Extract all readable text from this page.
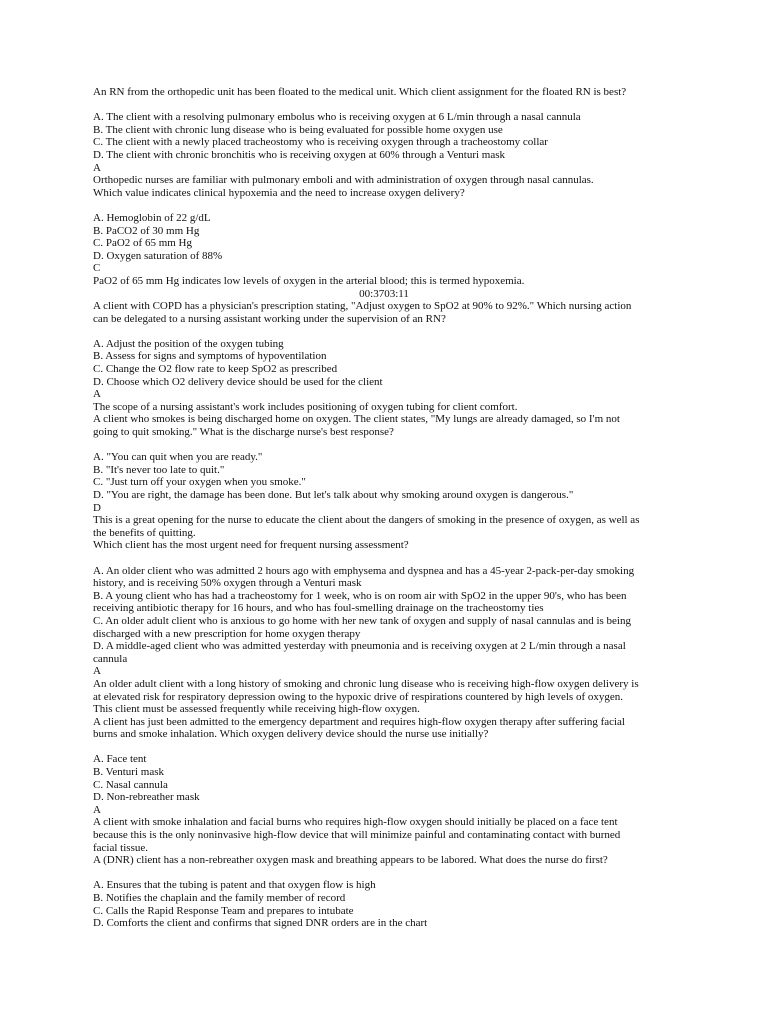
An RN from the orthopedic unit has been floated to the medical unit. Which client assignment for the floated RN is best?
A. The client with a resolving pulmonary embolus who is receiving oxygen at 6 L/min through a nasal cannula
B. The client with chronic lung disease who is being evaluated for possible home oxygen use
C. The client with a newly placed tracheostomy who is receiving oxygen through a tracheostomy collar
D. The client with chronic bronchitis who is receiving oxygen at 60% through a Venturi mask
A
Orthopedic nurses are familiar with pulmonary emboli and with administration of oxygen through nasal cannulas.
Which value indicates clinical hypoxemia and the need to increase oxygen delivery?
A. Hemoglobin of 22 g/dL
B. PaCO2 of 30 mm Hg
C. PaO2 of 65 mm Hg
D. Oxygen saturation of 88%
C
PaO2 of 65 mm Hg indicates low levels of oxygen in the arterial blood; this is termed hypoxemia.
00:3703:11
A client with COPD has a physician's prescription stating, "Adjust oxygen to SpO2 at 90% to 92%." Which nursing action
can be delegated to a nursing assistant working under the supervision of an RN?
A. Adjust the position of the oxygen tubing
B. Assess for signs and symptoms of hypoventilation
C. Change the O2 flow rate to keep SpO2 as prescribed
D. Choose which O2 delivery device should be used for the client
A
The scope of a nursing assistant's work includes positioning of oxygen tubing for client comfort.
A client who smokes is being discharged home on oxygen. The client states, "My lungs are already damaged, so I'm not
going to quit smoking." What is the discharge nurse's best response?
A. "You can quit when you are ready."
B. "It's never too late to quit."
C. "Just turn off your oxygen when you smoke."
D. "You are right, the damage has been done. But let's talk about why smoking around oxygen is dangerous."
D
This is a great opening for the nurse to educate the client about the dangers of smoking in the presence of oxygen, as well as
the benefits of quitting.
Which client has the most urgent need for frequent nursing assessment?
A. An older client who was admitted 2 hours ago with emphysema and dyspnea and has a 45-year 2-pack-per-day smoking
history, and is receiving 50% oxygen through a Venturi mask
B. A young client who has had a tracheostomy for 1 week, who is on room air with SpO2 in the upper 90's, who has been
receiving antibiotic therapy for 16 hours, and who has foul-smelling drainage on the tracheostomy ties
C. An older adult client who is anxious to go home with her new tank of oxygen and supply of nasal cannulas and is being
discharged with a new prescription for home oxygen therapy
D. A middle-aged client who was admitted yesterday with pneumonia and is receiving oxygen at 2 L/min through a nasal
cannula
A
An older adult client with a long history of smoking and chronic lung disease who is receiving high-flow oxygen delivery is
at elevated risk for respiratory depression owing to the hypoxic drive of respirations countered by high levels of oxygen.
This client must be assessed frequently while receiving high-flow oxygen.
A client has just been admitted to the emergency department and requires high-flow oxygen therapy after suffering facial
burns and smoke inhalation. Which oxygen delivery device should the nurse use initially?
A. Face tent
B. Venturi mask
C. Nasal cannula
D. Non-rebreather mask
A
A client with smoke inhalation and facial burns who requires high-flow oxygen should initially be placed on a face tent
because this is the only noninvasive high-flow device that will minimize painful and contaminating contact with burned
facial tissue.
A (DNR) client has a non-rebreather oxygen mask and breathing appears to be labored. What does the nurse do first?
A. Ensures that the tubing is patent and that oxygen flow is high
B. Notifies the chaplain and the family member of record
C. Calls the Rapid Response Team and prepares to intubate
D. Comforts the client and confirms that signed DNR orders are in the chart
